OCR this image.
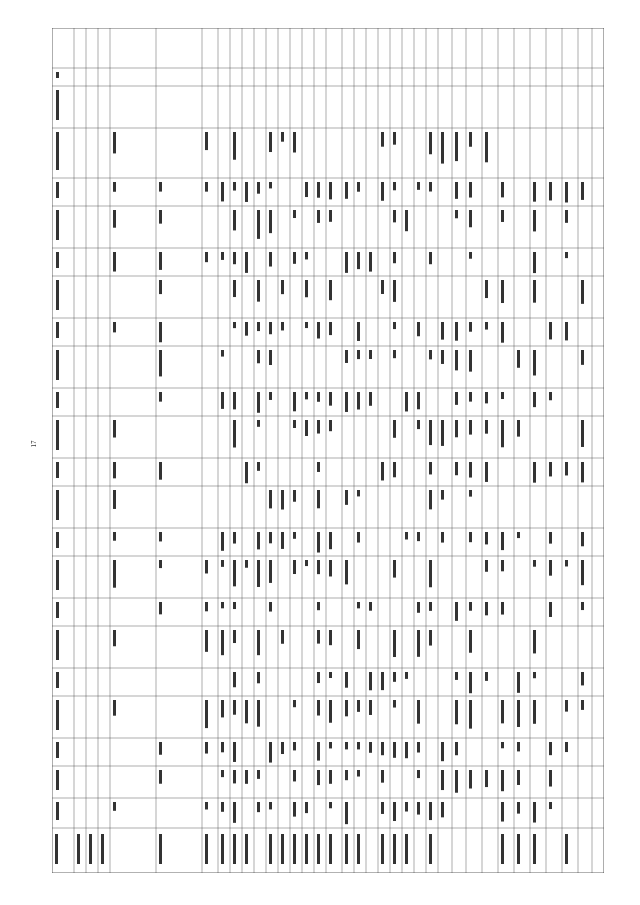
17
